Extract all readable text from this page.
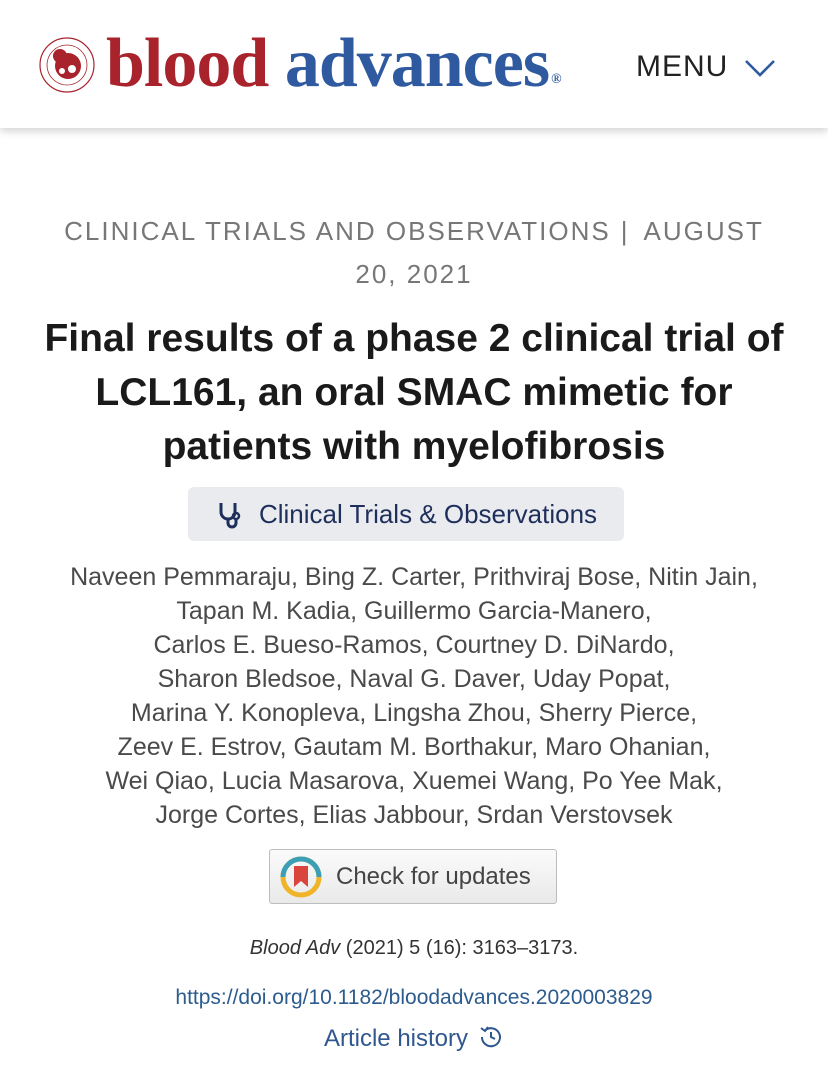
blood advances ®	MENU
CLINICAL TRIALS AND OBSERVATIONS | AUGUST 20, 2021
Final results of a phase 2 clinical trial of LCL161, an oral SMAC mimetic for patients with myelofibrosis
Clinical Trials & Observations
Naveen Pemmaraju, Bing Z. Carter, Prithviraj Bose, Nitin Jain,
Tapan M. Kadia, Guillermo Garcia-Manero,
Carlos E. Bueso-Ramos, Courtney D. DiNardo,
Sharon Bledsoe, Naval G. Daver, Uday Popat,
Marina Y. Konopleva, Lingsha Zhou, Sherry Pierce,
Zeev E. Estrov, Gautam M. Borthakur, Maro Ohanian,
Wei Qiao, Lucia Masarova, Xuemei Wang, Po Yee Mak,
Jorge Cortes, Elias Jabbour, Srdan Verstovsek
Check for updates
Blood Adv (2021) 5 (16): 3163–3173.
https://doi.org/10.1182/bloodadvances.2020003829
Article history
